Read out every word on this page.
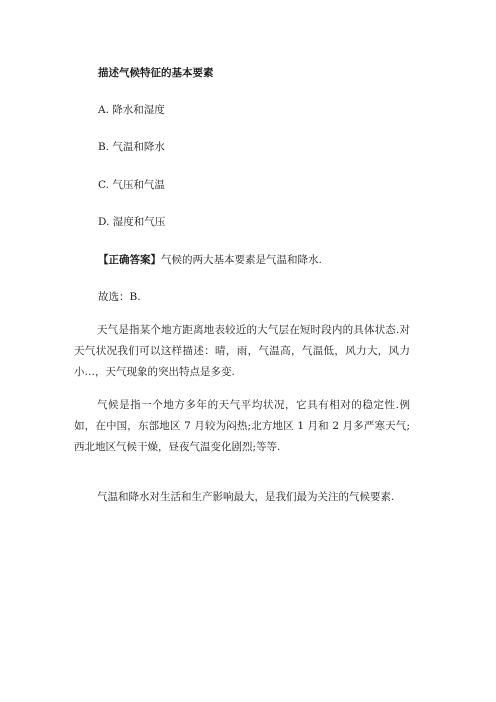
描述气候特征的基本要素
A. 降水和湿度
B. 气温和降水
C. 气压和气温
D. 湿度和气压
【正确答案】气候的两大基本要素是气温和降水.
故选：B.

天气是指某个地方距离地表较近的大气层在短时段内的具体状态.对天气状况我们可以这样描述：晴，雨，气温高，气温低，风力大，风力小…，天气现象的突出特点是多变.

气候是指一个地方多年的天气平均状况，它具有相对的稳定性.例如，在中国，东部地区 7 月较为闷热;北方地区 1 月和 2 月多严寒天气;西北地区气候干燥，昼夜气温变化剧烈;等等.

气温和降水对生活和生产影响最大，是我们最为关注的气候要素.
